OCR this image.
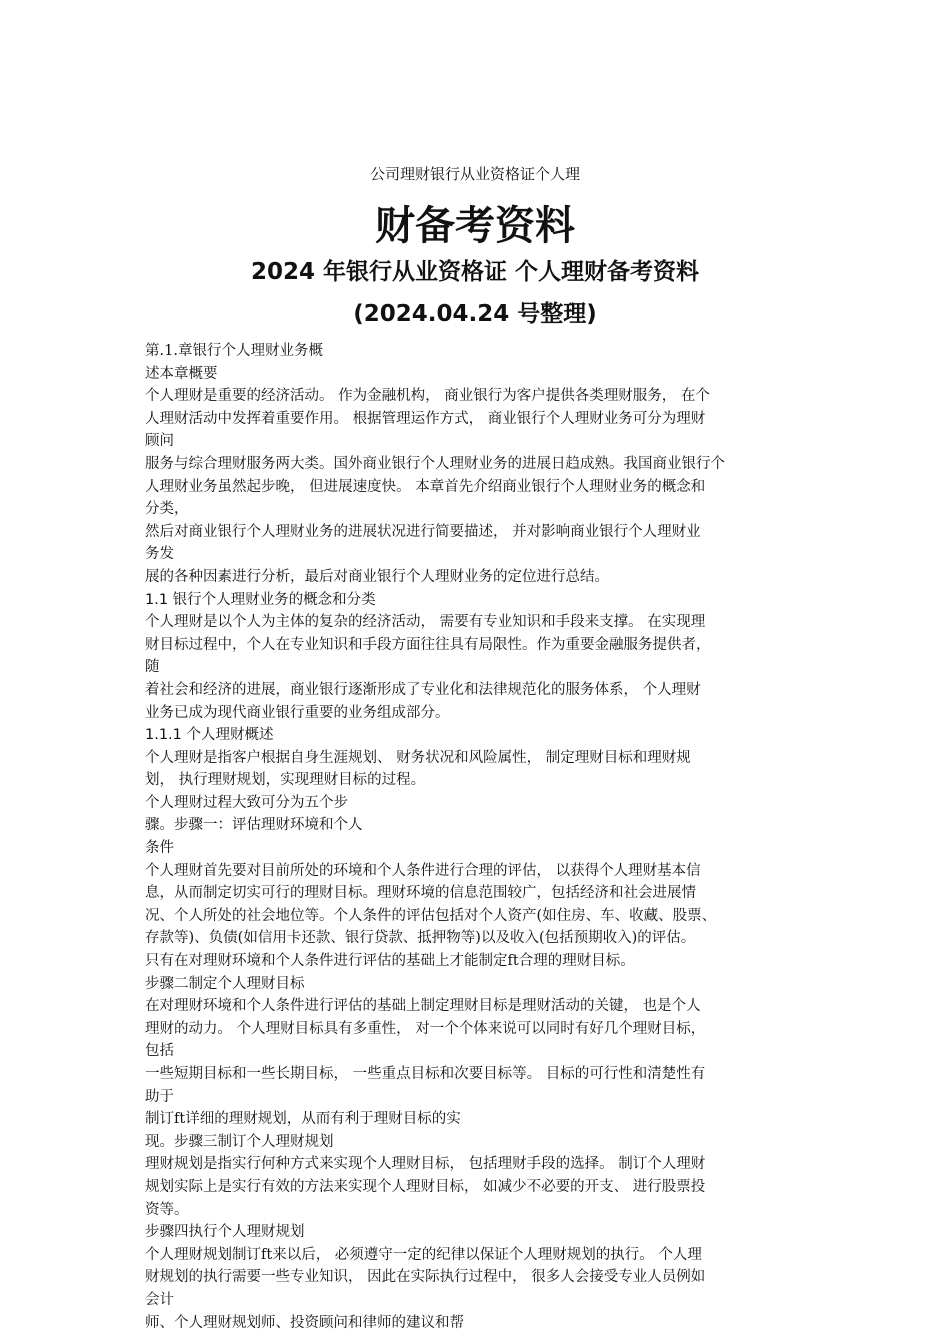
公司理财银行从业资格证个人理
财备考资料
2024 年银行从业资格证 个人理财备考资料
(2024.04.24 号整理)
第.1.章银行个人理财业务概
述本章概要
个人理财是重要的经济活动。 作为金融机构， 商业银行为客户提供各类理财服务， 在个
人理财活动中发挥着重要作用。 根据管理运作方式， 商业银行个人理财业务可分为理财
顾问
服务与综合理财服务两大类。国外商业银行个人理财业务的进展日趋成熟。我国商业银行个
人理财业务虽然起步晚， 但进展速度快。 本章首先介绍商业银行个人理财业务的概念和
分类，
然后对商业银行个人理财业务的进展状况进行简要描述， 并对影响商业银行个人理财业
务发
展的各种因素进行分析，最后对商业银行个人理财业务的定位进行总结。
1.1 银行个人理财业务的概念和分类
个人理财是以个人为主体的复杂的经济活动， 需要有专业知识和手段来支撑。 在实现理
财目标过程中，个人在专业知识和手段方面往往具有局限性。作为重要金融服务提供者，
随
着社会和经济的进展，商业银行逐渐形成了专业化和法律规范化的服务体系， 个人理财
业务已成为现代商业银行重要的业务组成部分。
1.1.1 个人理财概述
个人理财是指客户根据自身生涯规划、 财务状况和风险属性， 制定理财目标和理财规
划， 执行理财规划，实现理财目标的过程。
个人理财过程大致可分为五个步
骤。步骤一：评估理财环境和个人
条件
个人理财首先要对目前所处的环境和个人条件进行合理的评估， 以获得个人理财基本信
息，从而制定切实可行的理财目标。理财环境的信息范围较广，包括经济和社会进展情
况、个人所处的社会地位等。个人条件的评估包括对个人资产(如住房、车、收藏、股票、
存款等)、负债(如信用卡还款、银行贷款、抵押物等)以及收入(包括预期收入)的评估。
只有在对理财环境和个人条件进行评估的基础上才能制定ft合理的理财目标。
步骤二制定个人理财目标
在对理财环境和个人条件进行评估的基础上制定理财目标是理财活动的关键， 也是个人
理财的动力。 个人理财目标具有多重性， 对一个个体来说可以同时有好几个理财目标，
包括
一些短期目标和一些长期目标， 一些重点目标和次要目标等。 目标的可行性和清楚性有
助于
制订ft详细的理财规划，从而有利于理财目标的实
现。步骤三制订个人理财规划
理财规划是指实行何种方式来实现个人理财目标， 包括理财手段的选择。 制订个人理财
规划实际上是实行有效的方法来实现个人理财目标， 如减少不必要的开支、 进行股票投
资等。
步骤四执行个人理财规划
个人理财规划制订ft来以后， 必须遵守一定的纪律以保证个人理财规划的执行。 个人理
财规划的执行需要一些专业知识， 因此在实际执行过程中， 很多人会接受专业人员例如
会计
师、个人理财规划师、投资顾问和律师的建议和帮
